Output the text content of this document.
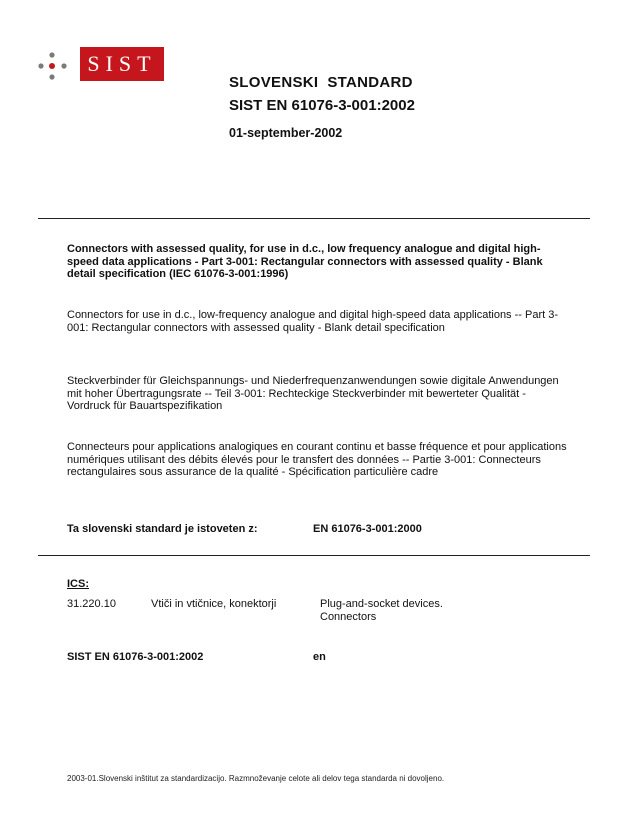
SIST
SLOVENSKI  STANDARD
SIST EN 61076-3-001:2002
01-september-2002
Connectors with assessed quality, for use in d.c., low frequency analogue and digital high-speed data applications - Part 3-001: Rectangular connectors with assessed quality - Blank detail specification (IEC 61076-3-001:1996)
Connectors for use in d.c., low-frequency analogue and digital high-speed data applications -- Part 3-001: Rectangular connectors with assessed quality - Blank detail specification
Steckverbinder für Gleichspannungs- und Niederfrequenzanwendungen sowie digitale Anwendungen mit hoher Übertragungsrate -- Teil 3-001: Rechteckige Steckverbinder mit bewerteter Qualität - Vordruck für Bauartspezifikation
Connecteurs pour applications analogiques en courant continu et basse fréquence et pour applications numériques utilisant des débits élevés pour le transfert des données -- Partie 3-001: Connecteurs rectangulaires sous assurance de la qualité - Spécification particulière cadre
Ta slovenski standard je istoveten z:	EN 61076-3-001:2000
ICS:
31.220.10	Vtiči in vtičnice, konektorji	Plug-and-socket devices.
Connectors
SIST EN 61076-3-001:2002	en
2003-01.Slovenski inštitut za standardizacijo. Razmnoževanje celote ali delov tega standarda ni dovoljeno.
